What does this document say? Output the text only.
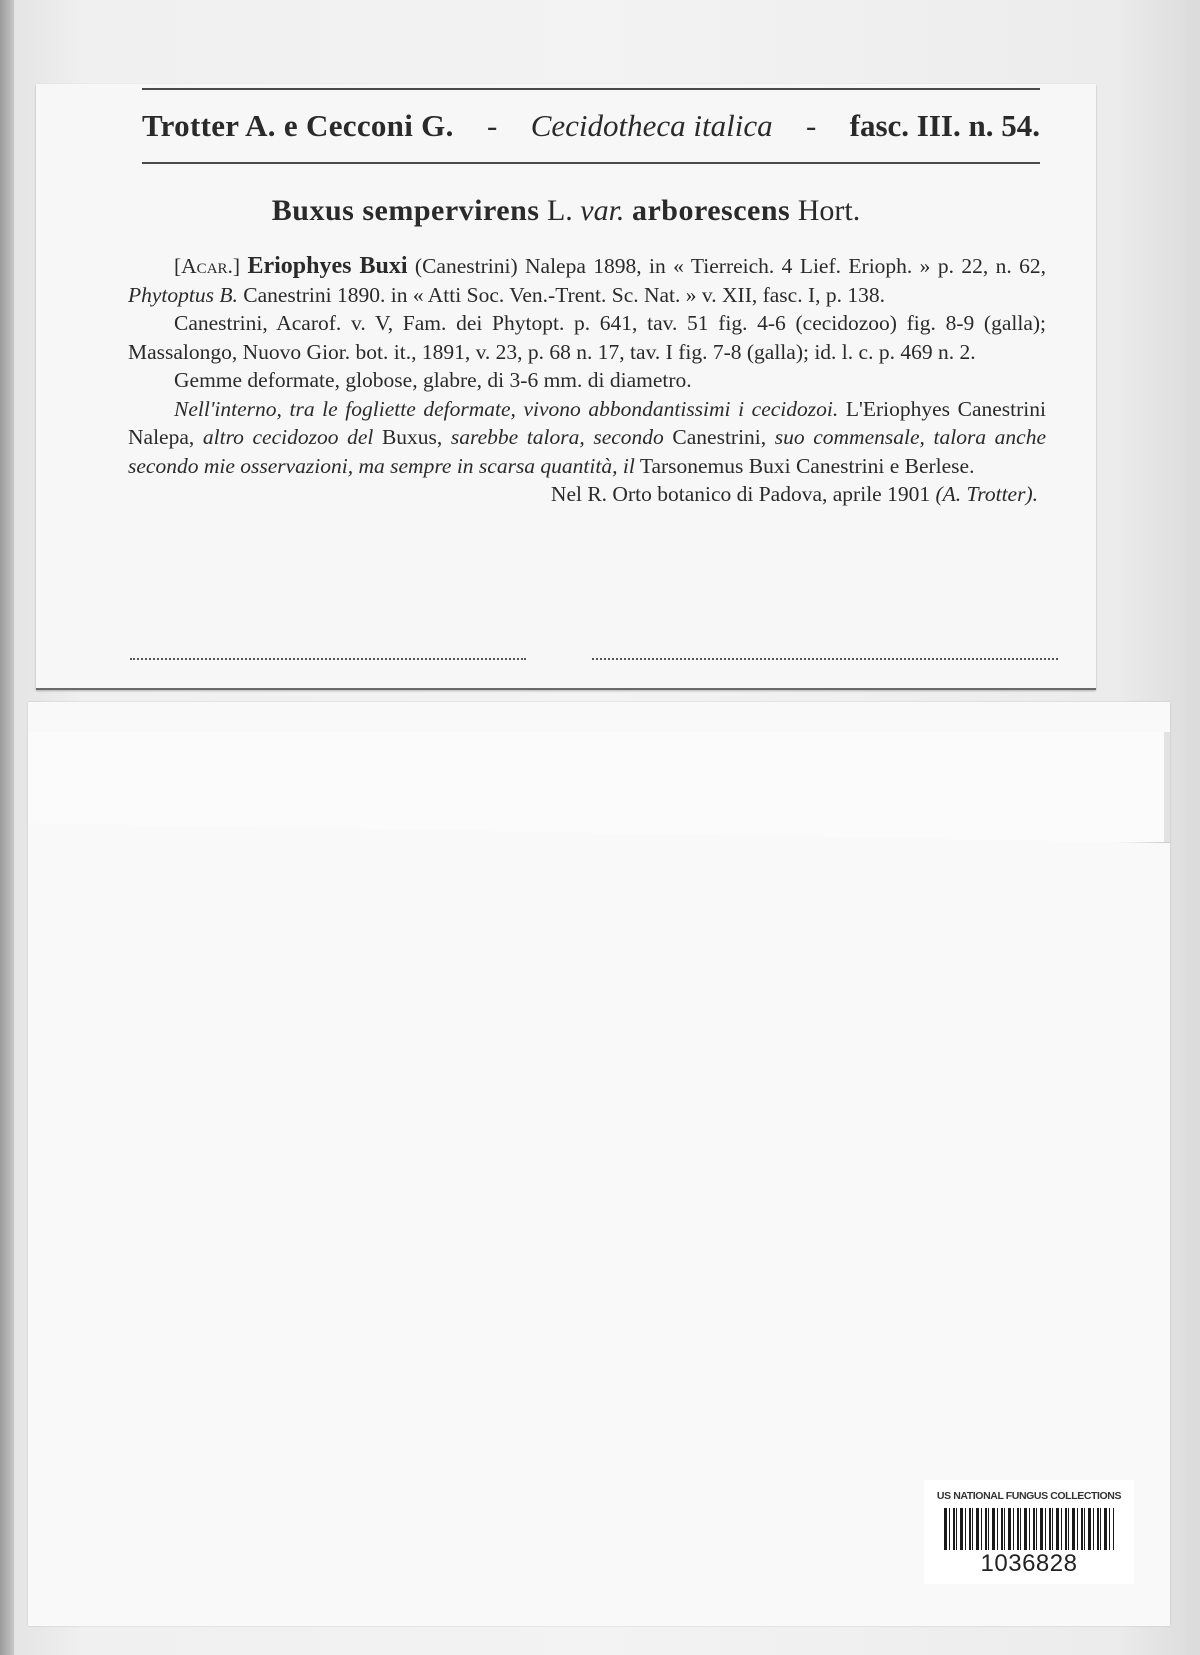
Trotter A. e Cecconi G. - Cecidotheca italica - fasc. III. n. 54.
Buxus sempervirens L. var. arborescens Hort.

[Acar.] Eriophyes Buxi (Canestrini) Nalepa 1898, in « Tierreich. 4 Lief. Erioph. » p. 22, n. 62, Phytoptus B. Canestrini 1890. in « Atti Soc. Ven.-Trent. Sc. Nat. » v. XII, fasc. I, p. 138.

Canestrini, Acarof. v. V, Fam. dei Phytopt. p. 641, tav. 51 fig. 4-6 (cecidozoo) fig. 8-9 (galla); Massalongo, Nuovo Gior. bot. it., 1891, v. 23, p. 68 n. 17, tav. I fig. 7-8 (galla); id. l. c. p. 469 n. 2.

Gemme deformate, globose, glabre, di 3-6 mm. di diametro.

Nell'interno, tra le fogliette deformate, vivono abbondantissimi i cecidozoi. L'Eriophyes Canestrini Nalepa, altro cecidozoo del Buxus, sarebbe talora, secondo Canestrini, suo commensale, talora anche secondo mie osservazioni, ma sempre in scarsa quantità, il Tarsonemus Buxi Canestrini e Berlese.

Nel R. Orto botanico di Padova, aprile 1901 (A. Trotter).

US NATIONAL FUNGUS COLLECTIONS
1036828
